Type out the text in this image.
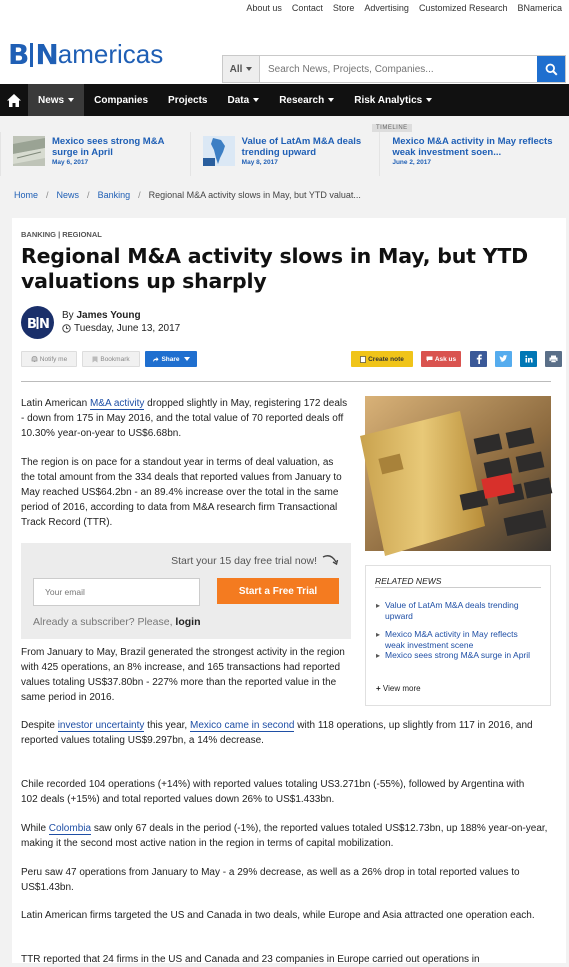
About us	Contact	Store	Advertising	Customized Research	BNamerica
B N americas	All
Search News, Projects, Companies...
News	Companies Projects Data	Research	Risk Analytics
TIMELINE
Mexico sees strong M&A surge in April
May 6, 2017
Value of LatAm M&A deals trending upward
May 8, 2017
Mexico M&A activity in May reflects weak investment soen...
June 2, 2017
Home / News / Banking / Regional M&A activity slows in May, but YTD valuat...
BANKING | REGIONAL
Regional M&A activity slows in May, but YTD valuations up sharply
B N
By James Young
Tuesday, June 13, 2017
Notify me	Bookmark	Share	Create note	Ask us
Latin American M&A activity dropped slightly in May, registering 172 deals - down from 175 in May 2016, and the total value of 70 reported deals off 10.30% year-on-year to US$6.68bn.
The region is on pace for a standout year in terms of deal valuation, as the total amount from the 334 deals that reported values from January to May reached US$64.2bn - an 89.4% increase over the total in the same period of 2016, according to data from M&A research firm Transactional Track Record (TTR).
Start your 15 day free trial now!
Your email	Start a Free Trial
Already a subscriber? Please, login
RELATED NEWS
▸ Value of LatAm M&A deals trending upward
▸ Mexico M&A activity in May reflects weak investment scene
▸ Mexico sees strong M&A surge in April
+ View more
From January to May, Brazil generated the strongest activity in the region with 425 operations, an 8% increase, and 165 transactions had reported values totaling US$37.80bn - 227% more than the reported value in the same period in 2016.
Despite investor uncertainty this year, Mexico came in second with 118 operations, up slightly from 117 in 2016, and reported values totaling US$9.297bn, a 14% decrease.
Chile recorded 104 operations (+14%) with reported values totaling US3.271bn (-55%), followed by Argentina with 102 deals (+15%) and total reported values down 26% to US$1.433bn.
While Colombia saw only 67 deals in the period (-1%), the reported values totaled US$12.73bn, up 188% year-on-year, making it the second most active nation in the region in terms of capital mobilization.
Peru saw 47 operations from January to May - a 29% decrease, as well as a 26% drop in total reported values to US$1.43bn.
Latin American firms targeted the US and Canada in two deals, while Europe and Asia attracted one operation each.
TTR reported that 24 firms in the US and Canada and 23 companies in Europe carried out operations in
